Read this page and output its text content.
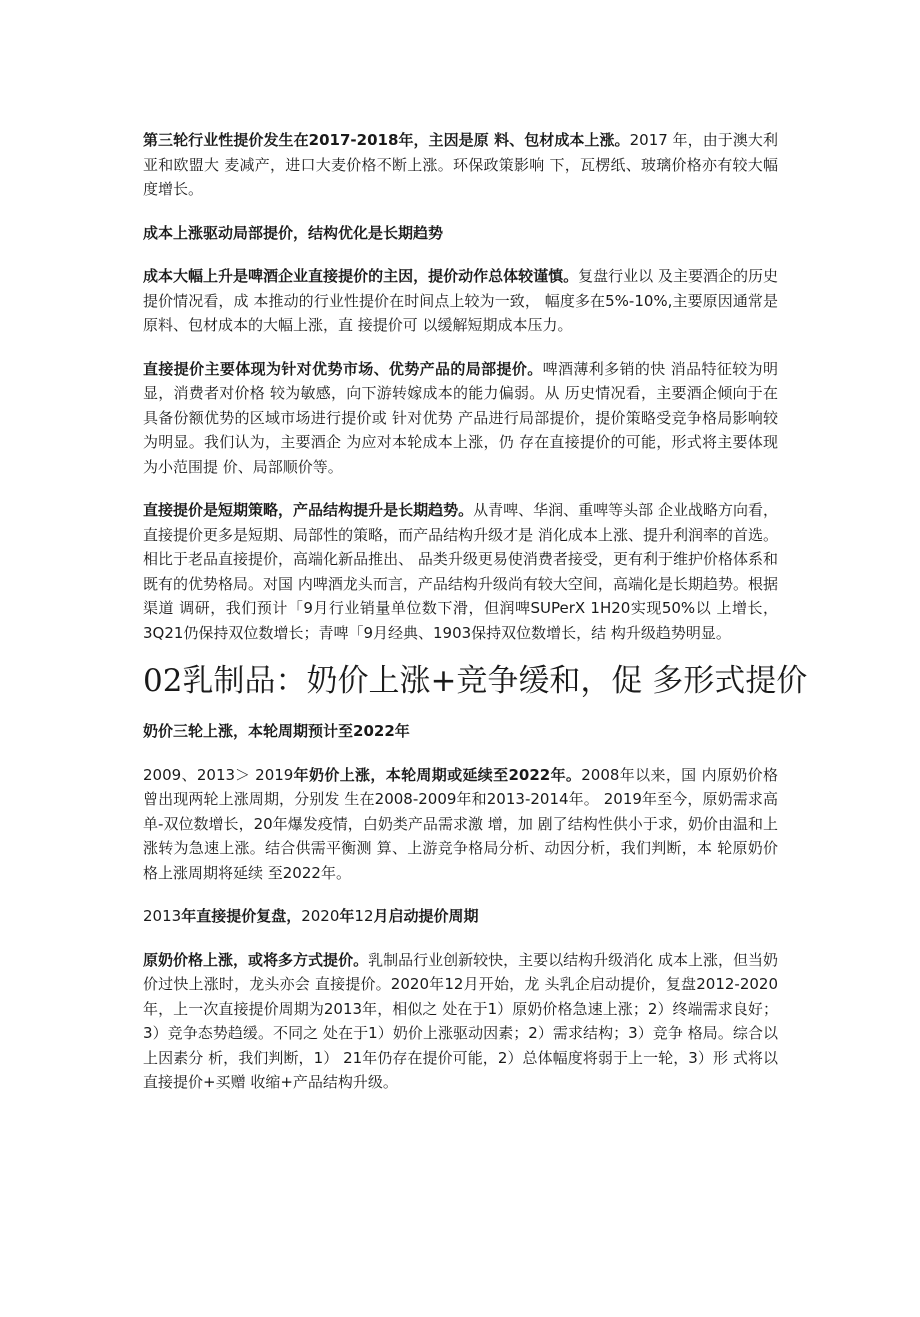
第三轮行业性提价发生在2017-2018年，主因是原 料、包材成本上涨。2017 年，由于澳大利亚和欧盟大 麦减产，进口大麦价格不断上涨。环保政策影响 下，瓦楞纸、玻璃价格亦有较大幅度增长。

成本上涨驱动局部提价，结构优化是长期趋势

成本大幅上升是啤酒企业直接提价的主因，提价动作总体较谨慎。复盘行业以 及主要酒企的历史提价情况看，成 本推动的行业性提价在时间点上较为一致， 幅度多在5%-10%,主要原因通常是原料、包材成本的大幅上涨，直 接提价可 以缓解短期成本压力。

直接提价主要体现为针对优势市场、优势产品的局部提价。啤酒薄利多销的快 消品特征较为明显，消费者对价格 较为敏感，向下游转嫁成本的能力偏弱。从 历史情况看，主要酒企倾向于在具备份额优势的区域市场进行提价或 针对优势 产品进行局部提价，提价策略受竞争格局影响较为明显。我们认为，主要酒企 为应对本轮成本上涨，仍 存在直接提价的可能，形式将主要体现为小范围提 价、局部顺价等。

直接提价是短期策略，产品结构提升是长期趋势。从青啤、华润、重啤等头部 企业战略方向看，直接提价更多是短期、局部性的策略，而产品结构升级才是 消化成本上涨、提升利润率的首选。相比于老品直接提价，高端化新品推出、 品类升级更易使消费者接受，更有利于维护价格体系和既有的优势格局。对国 内啤酒龙头而言，产品结构升级尚有较大空间，高端化是长期趋势。根据渠道 调研，我们预计「9月行业销量单位数下滑，但润啤SUPerX 1H20实现50%以 上增长，3Q21仍保持双位数增长；青啤「9月经典、1903保持双位数增长，结 构升级趋势明显。

02乳制品：奶价上涨+竞争缓和，促 多形式提价

奶价三轮上涨，本轮周期预计至2022年

2009、2013＞ 2019年奶价上涨，本轮周期或延续至2022年。2008年以来，国 内原奶价格曾出现两轮上涨周期，分别发 生在2008-2009年和2013-2014年。 2019年至今，原奶需求高单-双位数增长，20年爆发疫情，白奶类产品需求激 增，加 剧了结构性供小于求，奶价由温和上涨转为急速上涨。结合供需平衡测 算、上游竞争格局分析、动因分析，我们判断，本 轮原奶价格上涨周期将延续 至2022年。

2013年直接提价复盘，2020年12月启动提价周期

原奶价格上涨，或将多方式提价。乳制品行业创新较快，主要以结构升级消化 成本上涨，但当奶价过快上涨时，龙头亦会 直接提价。2020年12月开始，龙 头乳企启动提价，复盘2012-2020年，上一次直接提价周期为2013年，相似之 处在于1）原奶价格急速上涨；2）终端需求良好；3）竞争态势趋缓。不同之 处在于1）奶价上涨驱动因素；2）需求结构；3）竞争 格局。综合以上因素分 析，我们判断，1） 21年仍存在提价可能，2）总体幅度将弱于上一轮，3）形 式将以直接提价+买赠 收缩+产品结构升级。
